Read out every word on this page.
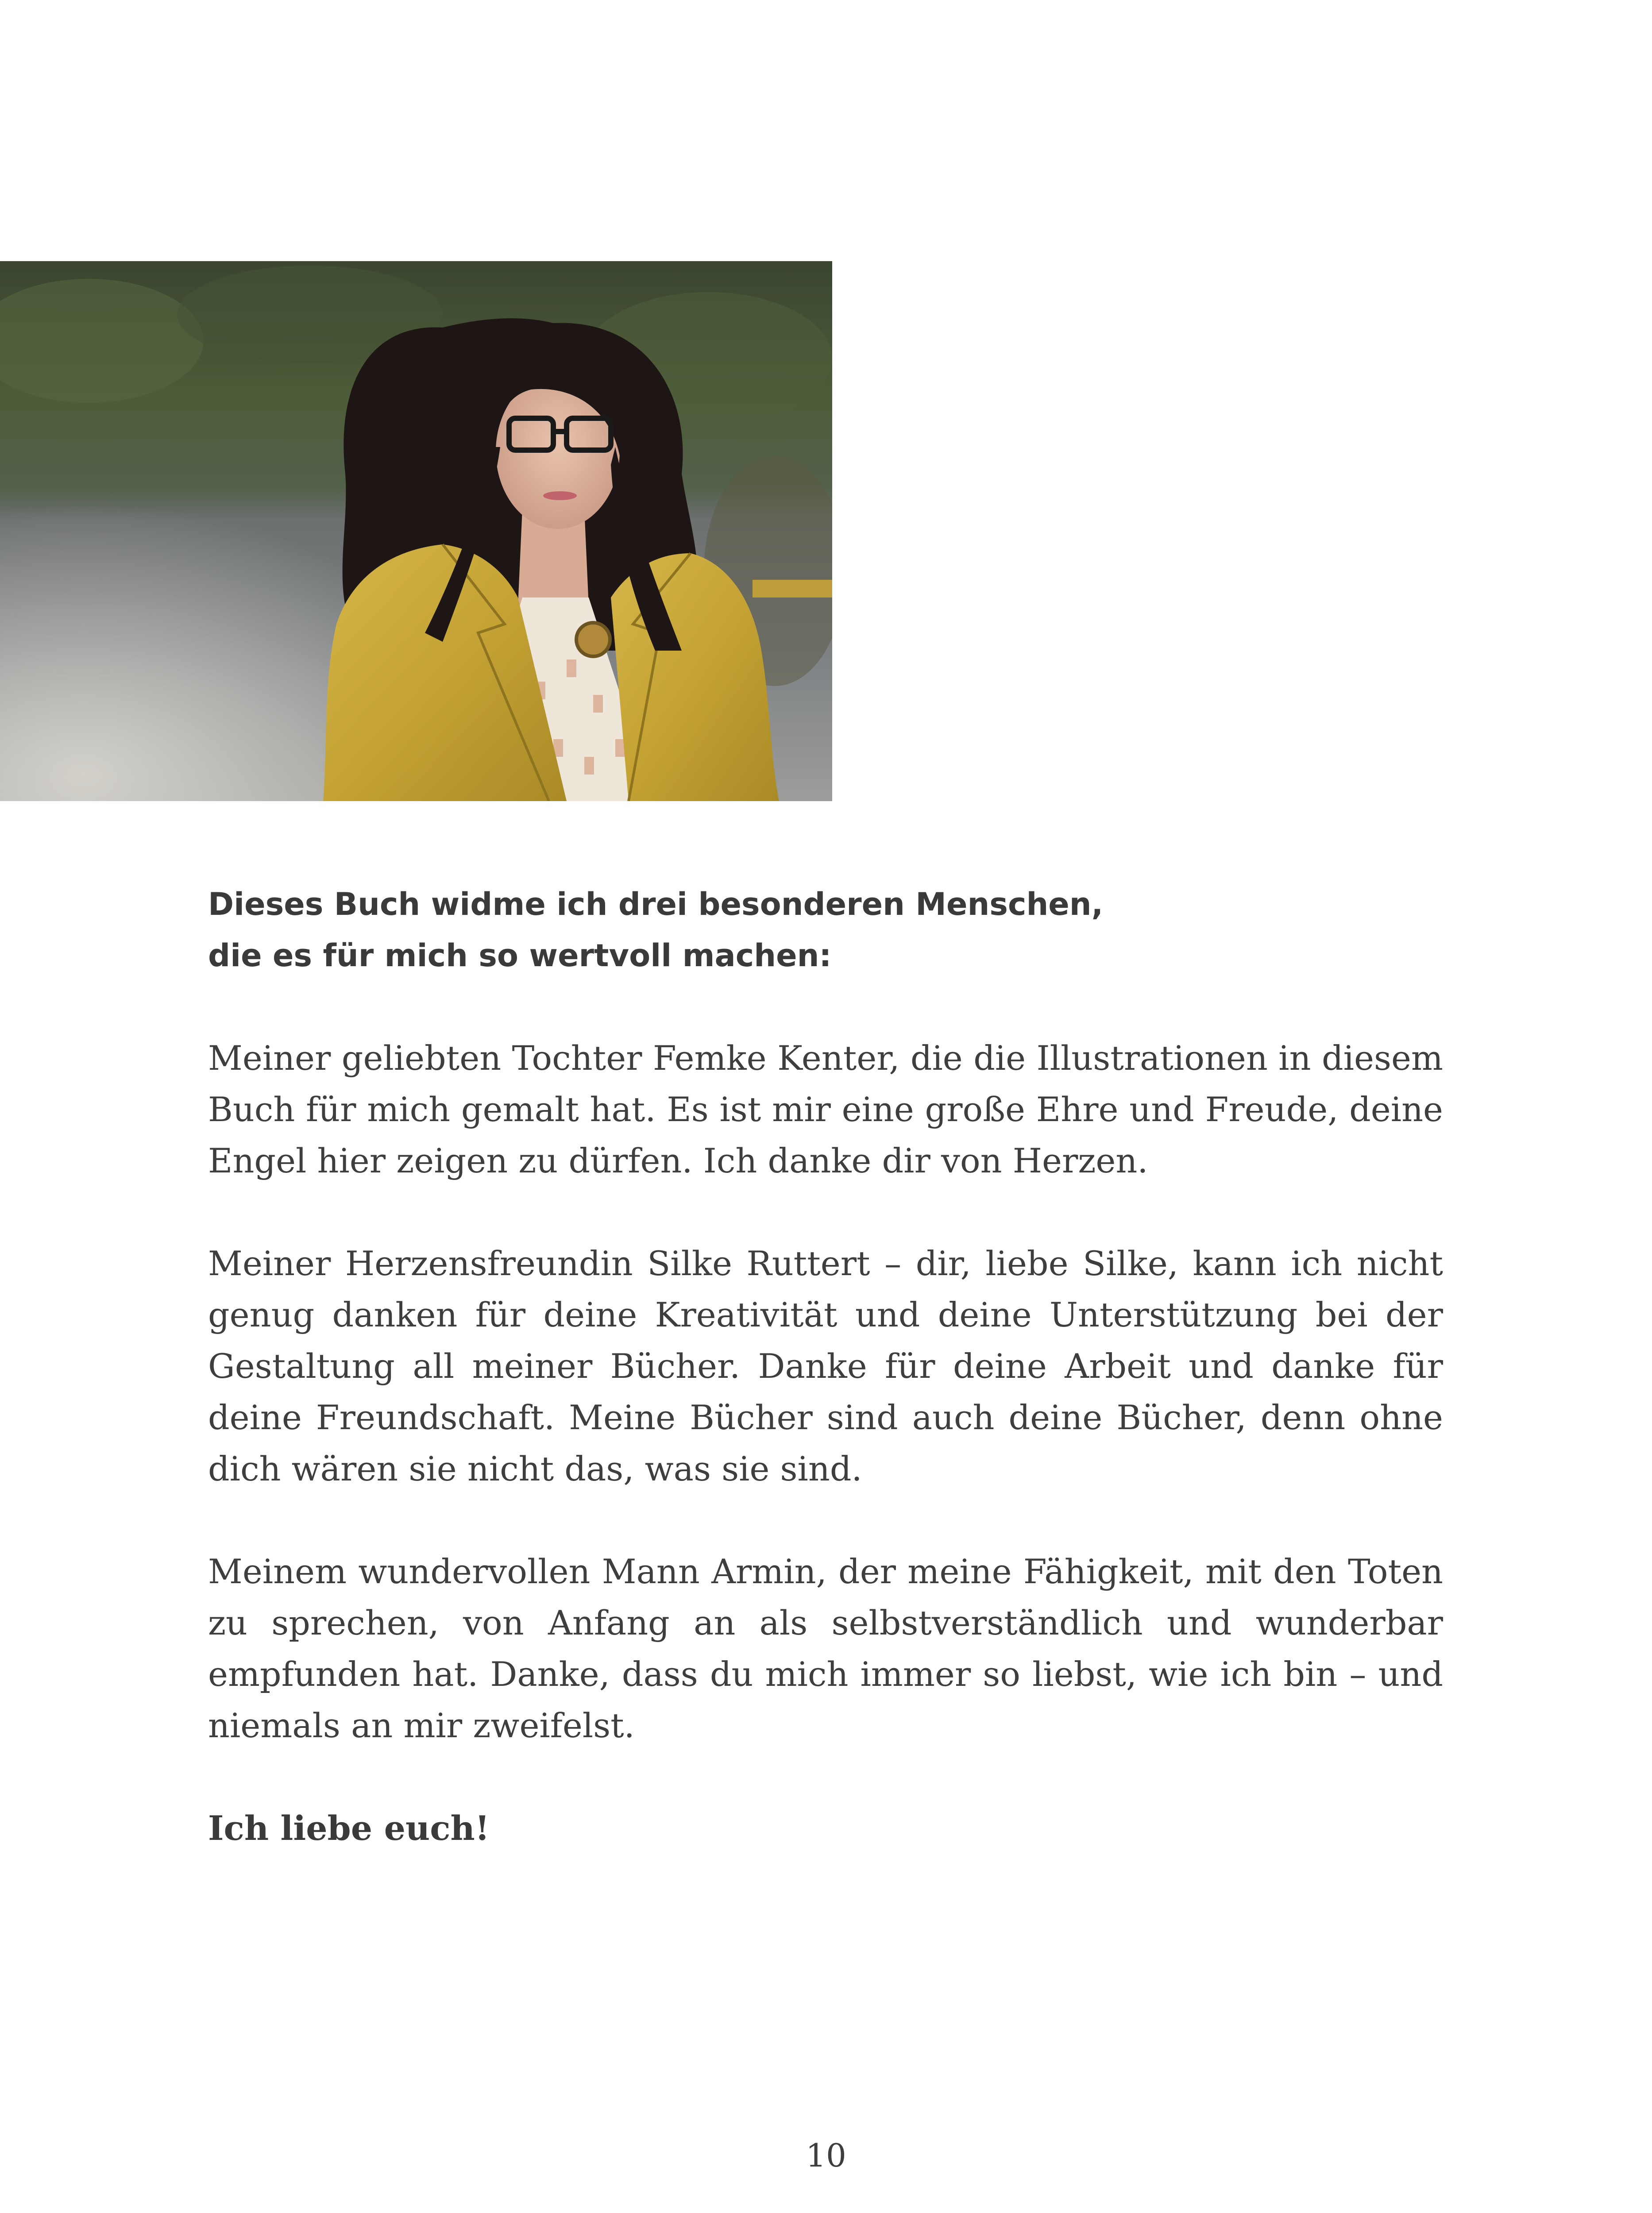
Dieses Buch widme ich drei besonderen Menschen,
die es für mich so wertvoll machen:

Meiner geliebten Tochter Femke Kenter, die die Illustrationen in diesem Buch für mich gemalt hat. Es ist mir eine große Ehre und Freude, deine Engel hier zeigen zu dürfen. Ich danke dir von Herzen.

Meiner Herzensfreundin Silke Ruttert – dir, liebe Silke, kann ich nicht genug danken für deine Kreativität und deine Unterstützung bei der Gestaltung all meiner Bücher. Danke für deine Arbeit und danke für deine Freundschaft. Meine Bücher sind auch deine Bücher, denn ohne dich wären sie nicht das, was sie sind.

Meinem wundervollen Mann Armin, der meine Fähigkeit, mit den Toten zu sprechen, von Anfang an als selbstverständlich und wunderbar empfunden hat. Danke, dass du mich immer so liebst, wie ich bin – und niemals an mir zweifelst.

Ich liebe euch!

10
